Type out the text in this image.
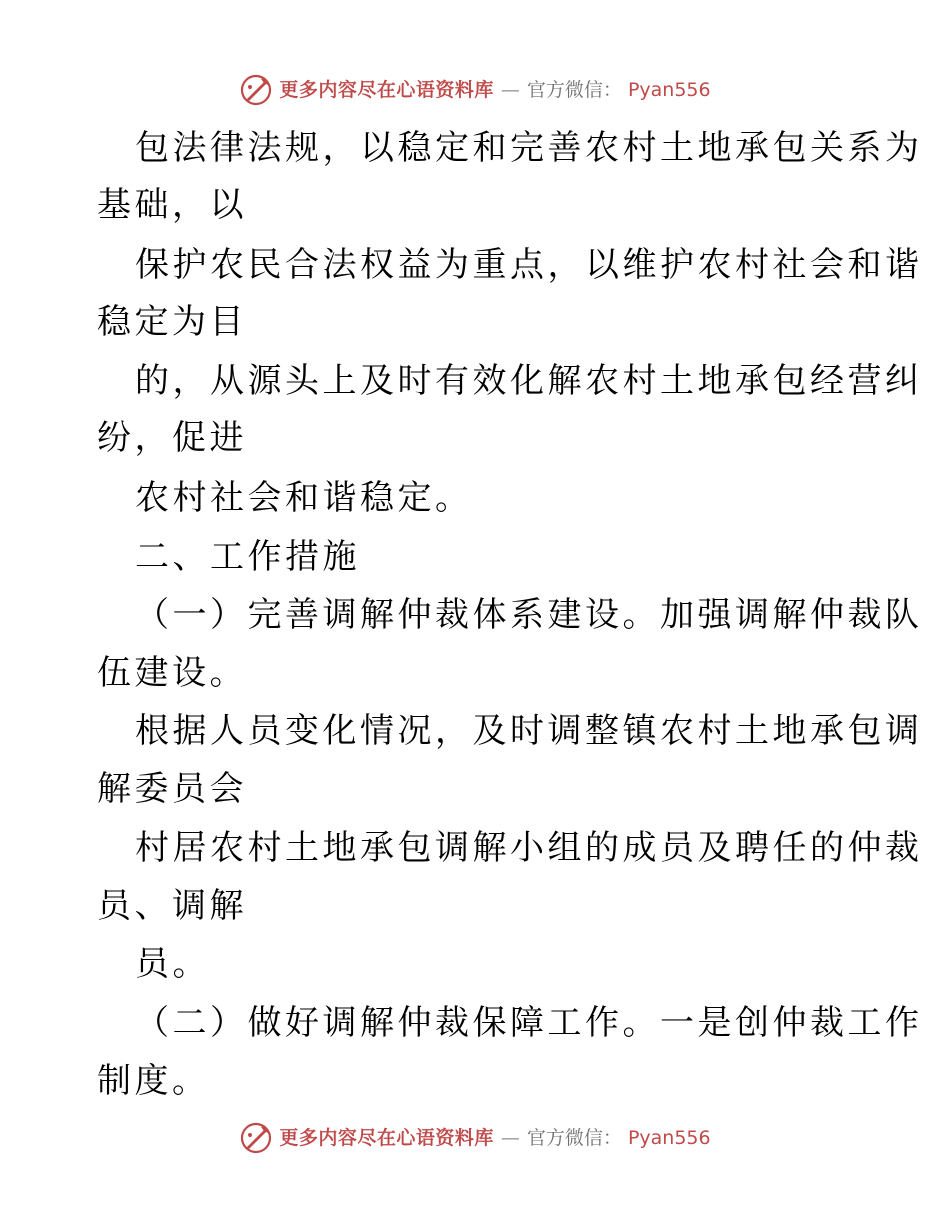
更多内容尽在心语资料库 — 官方微信： Pyan556

包法律法规，以稳定和完善农村土地承包关系为

基础，以

保护农民合法权益为重点，以维护农村社会和谐

稳定为目

的，从源头上及时有效化解农村土地承包经营纠

纷，促进

农村社会和谐稳定。

二、工作措施

（一）完善调解仲裁体系建设。加强调解仲裁队

伍建设。

根据人员变化情况，及时调整镇农村土地承包调

解委员会

村居农村土地承包调解小组的成员及聘任的仲裁

员、调解

员。

（二）做好调解仲裁保障工作。一是创仲裁工作

制度。

更多内容尽在心语资料库 — 官方微信： Pyan556
